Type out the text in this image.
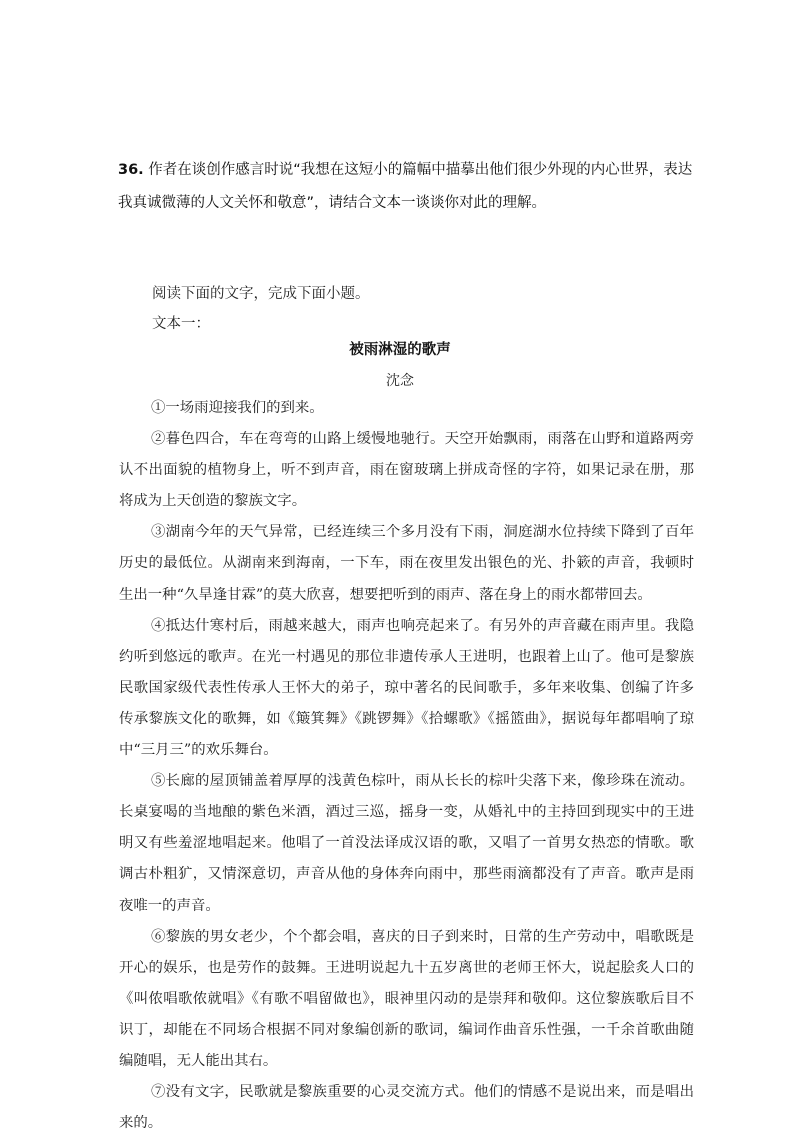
36. 作者在谈创作感言时说“我想在这短小的篇幅中描摹出他们很少外现的内心世界，表达我真诚微薄的人文关怀和敬意”，请结合文本一谈谈你对此的理解。
阅读下面的文字，完成下面小题。
文本一：
被雨淋湿的歌声
沈念

①一场雨迎接我们的到来。

②暮色四合，车在弯弯的山路上缓慢地驰行。天空开始飘雨，雨落在山野和道路两旁认不出面貌的植物身上，听不到声音，雨在窗玻璃上拼成奇怪的字符，如果记录在册，那将成为上天创造的黎族文字。

③湖南今年的天气异常，已经连续三个多月没有下雨，洞庭湖水位持续下降到了百年历史的最低位。从湖南来到海南，一下车，雨在夜里发出银色的光、扑簌的声音，我顿时生出一种“久旱逢甘霖”的莫大欣喜，想要把听到的雨声、落在身上的雨水都带回去。

④抵达什寒村后，雨越来越大，雨声也响亮起来了。有另外的声音藏在雨声里。我隐约听到悠远的歌声。在光一村遇见的那位非遗传承人王进明，也跟着上山了。他可是黎族民歌国家级代表性传承人王怀大的弟子，琼中著名的民间歌手，多年来收集、创编了许多传承黎族文化的歌舞，如《簸箕舞》《跳锣舞》《拾螺歌》《摇篮曲》，据说每年都唱响了琼中“三月三”的欢乐舞台。

⑤长廊的屋顶铺盖着厚厚的浅黄色棕叶，雨从长长的棕叶尖落下来，像珍珠在流动。长桌宴喝的当地酿的紫色米酒，酒过三巡，摇身一变，从婚礼中的主持回到现实中的王进明又有些羞涩地唱起来。他唱了一首没法译成汉语的歌，又唱了一首男女热恋的情歌。歌调古朴粗犷，又情深意切，声音从他的身体奔向雨中，那些雨滴都没有了声音。歌声是雨夜唯一的声音。

⑥黎族的男女老少，个个都会唱，喜庆的日子到来时，日常的生产劳动中，唱歌既是开心的娱乐，也是劳作的鼓舞。王进明说起九十五岁离世的老师王怀大，说起脍炙人口的《叫侬唱歌侬就唱》《有歌不唱留做也》，眼神里闪动的是崇拜和敬仰。这位黎族歌后目不识丁，却能在不同场合根据不同对象编创新的歌词，编词作曲音乐性强，一千余首歌曲随编随唱，无人能出其右。

⑦没有文字，民歌就是黎族重要的心灵交流方式。他们的情感不是说出来，而是唱出来的。
